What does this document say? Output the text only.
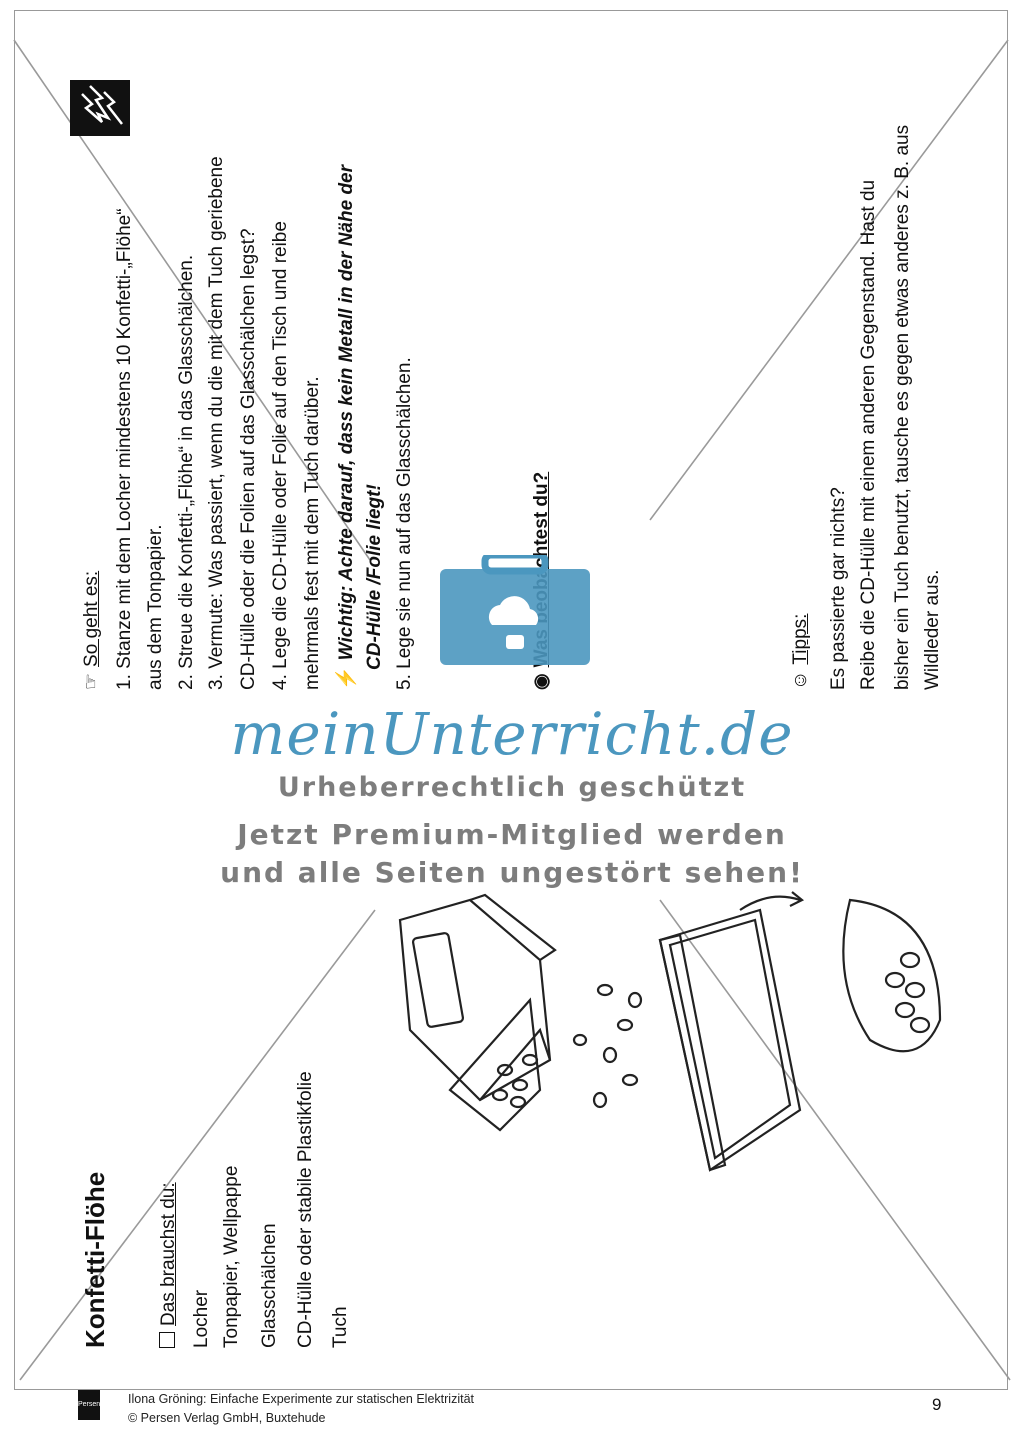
Konfetti-Flöhe	Das brauchst du: Locher Tonpapier, Wellpappe Glasschälchen CD-Hülle oder stabile Plastikfolie Tuch
☞So geht es: 1. Stanze mit dem Locher mindestens 10 Konfetti-„Flöhe“ aus dem Tonpapier. 2. Streue die Konfetti-„Flöhe“ in das Glasschälchen. 3. Vermute: Was passiert, wenn du die mit dem Tuch geriebene CD-Hülle oder die Folien auf das Glasschälchen legst? 4. Lege die CD-Hülle oder Folie auf den Tisch und reibe mehrmals fest mit dem Tuch darüber. ⚡Wichtig: Achte darauf, dass kein Metall in der Nähe der CD-Hülle /Folie liegt! 5. Lege sie nun auf das Glasschälchen.	◉	☺Tipps: Es passierte gar nichts? Reibe die CD-Hülle mit einem anderen Gegenstand. Hast du bisher ein Tuch benutzt, tausche es gegen etwas anderes z. B. aus Wildleder aus.
meinUnterricht.de
Urheberrechtlich geschützt
Jetzt Premium-Mitglied werden
und alle Seiten ungestört sehen!
Persen Ilona Gröning: Einfache Experimente zur statischen Elektrizität
© Persen Verlag GmbH, Buxtehude
9
